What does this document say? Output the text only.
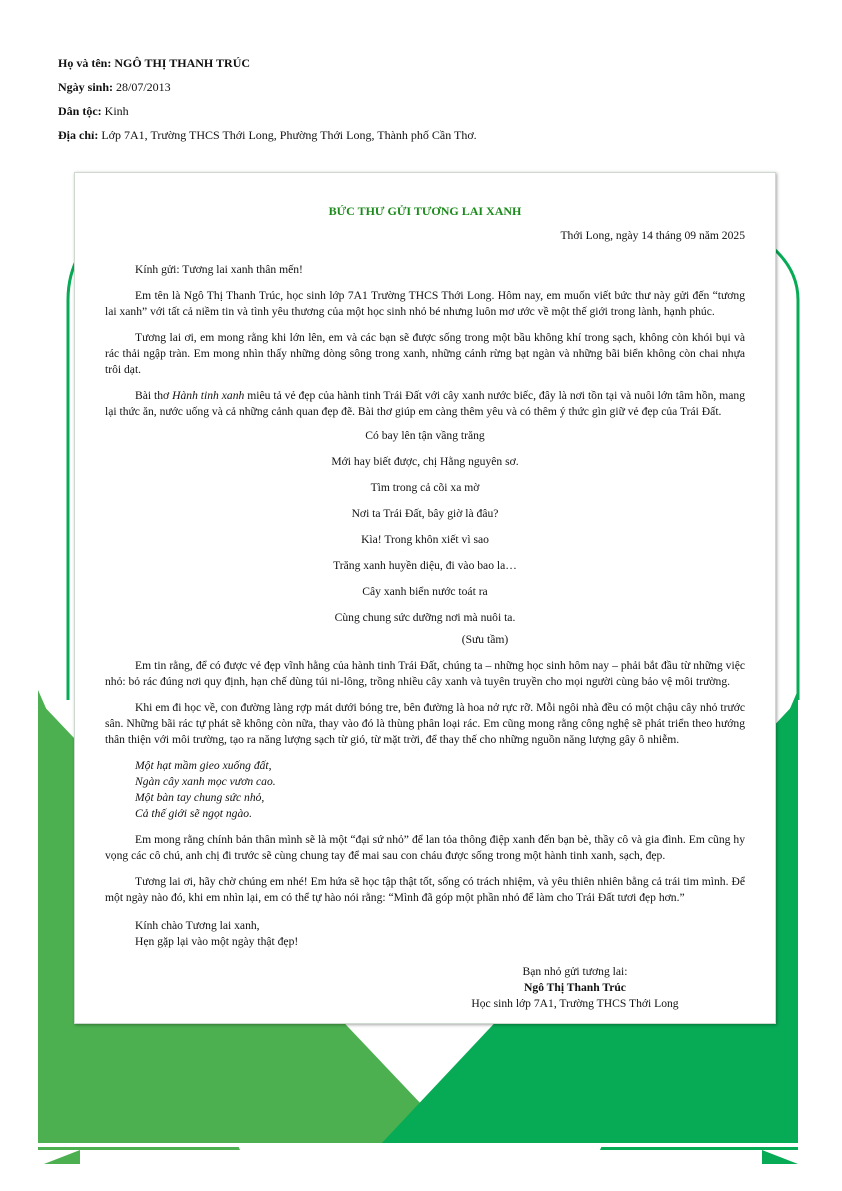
Họ và tên: NGÔ THỊ THANH TRÚC
Ngày sinh: 28/07/2013
Dân tộc: Kinh
Địa chỉ: Lớp 7A1, Trường THCS Thới Long, Phường Thới Long, Thành phố Cần Thơ.
BỨC THƯ GỬI TƯƠNG LAI XANH
Thới Long, ngày 14 tháng 09 năm 2025
Kính gửi: Tương lai xanh thân mến!
Em tên là Ngô Thị Thanh Trúc, học sinh lớp 7A1 Trường THCS Thới Long. Hôm nay, em muốn viết bức thư này gửi đến “tương lai xanh” với tất cả niềm tin và tình yêu thương của một học sinh nhỏ bé nhưng luôn mơ ước về một thế giới trong lành, hạnh phúc.
Tương lai ơi, em mong rằng khi lớn lên, em và các bạn sẽ được sống trong một bầu không khí trong sạch, không còn khói bụi và rác thải ngập tràn. Em mong nhìn thấy những dòng sông trong xanh, những cánh rừng bạt ngàn và những bãi biển không còn chai nhựa trôi dạt.
Bài thơ Hành tinh xanh miêu tả vẻ đẹp của hành tinh Trái Đất với cây xanh nước biếc, đây là nơi tồn tại và nuôi lớn tâm hồn, mang lại thức ăn, nước uống và cả những cảnh quan đẹp đẽ. Bài thơ giúp em càng thêm yêu và có thêm ý thức gìn giữ vẻ đẹp của Trái Đất.
Có bay lên tận vầng trăng
Mới hay biết được, chị Hằng nguyên sơ.
Tìm trong cả cõi xa mờ
Nơi ta Trái Đất, bây giờ là đâu?
Kìa! Trong khôn xiết vì sao
Trăng xanh huyền diệu, đi vào bao la…
Cây xanh biển nước toát ra
Cùng chung sức dưỡng nơi mà nuôi ta.
(Sưu tầm)
Em tin rằng, để có được vẻ đẹp vĩnh hằng của hành tinh Trái Đất, chúng ta – những học sinh hôm nay – phải bắt đầu từ những việc nhỏ: bỏ rác đúng nơi quy định, hạn chế dùng túi ni-lông, trồng nhiều cây xanh và tuyên truyền cho mọi người cùng bảo vệ môi trường.
Khi em đi học về, con đường làng rợp mát dưới bóng tre, bên đường là hoa nở rực rỡ. Mỗi ngôi nhà đều có một chậu cây nhỏ trước sân. Những bãi rác tự phát sẽ không còn nữa, thay vào đó là thùng phân loại rác. Em cũng mong rằng công nghệ sẽ phát triển theo hướng thân thiện với môi trường, tạo ra năng lượng sạch từ gió, từ mặt trời, để thay thế cho những nguồn năng lượng gây ô nhiễm.
Một hạt mầm gieo xuống đất,
Ngàn cây xanh mọc vươn cao.
Một bàn tay chung sức nhỏ,
Cả thế giới sẽ ngọt ngào.
Em mong rằng chính bản thân mình sẽ là một “đại sứ nhỏ” để lan tỏa thông điệp xanh đến bạn bè, thầy cô và gia đình. Em cũng hy vọng các cô chú, anh chị đi trước sẽ cùng chung tay để mai sau con cháu được sống trong một hành tinh xanh, sạch, đẹp.
Tương lai ơi, hãy chờ chúng em nhé! Em hứa sẽ học tập thật tốt, sống có trách nhiệm, và yêu thiên nhiên bằng cả trái tim mình. Để một ngày nào đó, khi em nhìn lại, em có thể tự hào nói rằng: “Mình đã góp một phần nhỏ để làm cho Trái Đất tươi đẹp hơn.”
Kính chào Tương lai xanh,
Hẹn gặp lại vào một ngày thật đẹp!
Bạn nhỏ gửi tương lai:
Ngô Thị Thanh Trúc
Học sinh lớp 7A1, Trường THCS Thới Long
